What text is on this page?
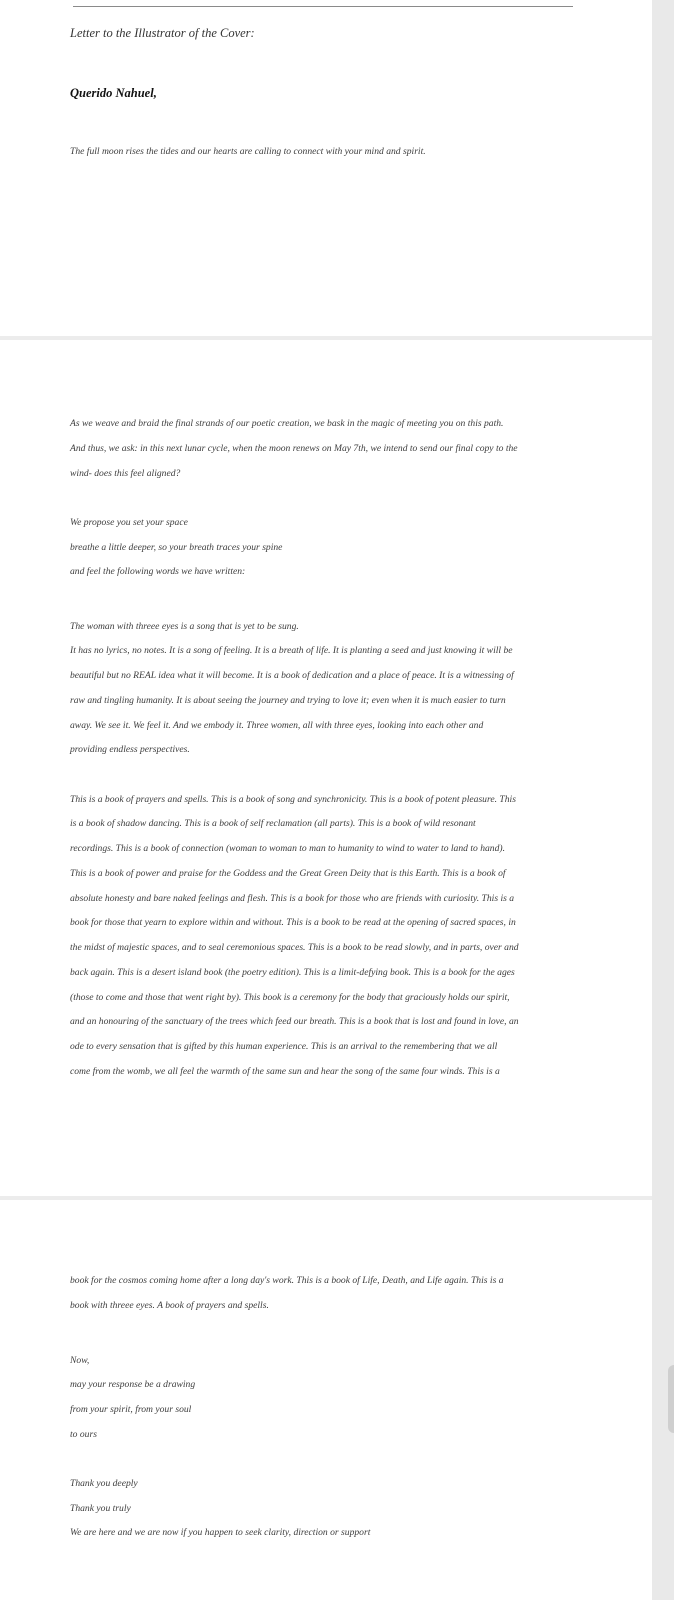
Letter to the Illustrator of the Cover:

Querido Nahuel,

The full moon rises the tides and our hearts are calling to connect with your mind and spirit.

As we weave and braid the final strands of our poetic creation, we bask in the magic of meeting you on this path.

And thus, we ask: in this next lunar cycle, when the moon renews on May 7th, we intend to send our final copy to the

wind- does this feel aligned?

We propose you set your space

breathe a little deeper, so your breath traces your spine

and feel the following words we have written:

The woman with threee eyes is a song that is yet to be sung.

It has no lyrics, no notes. It is a song of feeling. It is a breath of life. It is planting a seed and just knowing it will be

beautiful but no REAL idea what it will become. It is a book of dedication and a place of peace. It is a witnessing of

raw and tingling humanity. It is about seeing the journey and trying to love it; even when it is much easier to turn

away. We see it. We feel it. And we embody it. Three women, all with three eyes, looking into each other and

providing endless perspectives.

This is a book of prayers and spells. This is a book of song and synchronicity. This is a book of potent pleasure. This

is a book of shadow dancing. This is a book of self reclamation (all parts). This is a book of wild resonant

recordings. This is a book of connection (woman to woman to man to humanity to wind to water to land to hand).

This is a book of power and praise for the Goddess and the Great Green Deity that is this Earth. This is a book of

absolute honesty and bare naked feelings and flesh. This is a book for those who are friends with curiosity. This is a

book for those that yearn to explore within and without. This is a book to be read at the opening of sacred spaces, in

the midst of majestic spaces, and to seal ceremonious spaces. This is a book to be read slowly, and in parts, over and

back again. This is a desert island book (the poetry edition). This is a limit-defying book. This is a book for the ages

(those to come and those that went right by). This book is a ceremony for the body that graciously holds our spirit,

and an honouring of the sanctuary of the trees which feed our breath. This is a book that is lost and found in love, an

ode to every sensation that is gifted by this human experience. This is an arrival to the remembering that we all

come from the womb, we all feel the warmth of the same sun and hear the song of the same four winds. This is a

book for the cosmos coming home after a long day's work. This is a book of Life, Death, and Life again. This is a

book with threee eyes. A book of prayers and spells.

Now,

may your response be a drawing

from your spirit, from your soul

to ours

Thank you deeply

Thank you truly

We are here and we are now if you happen to seek clarity, direction or support
